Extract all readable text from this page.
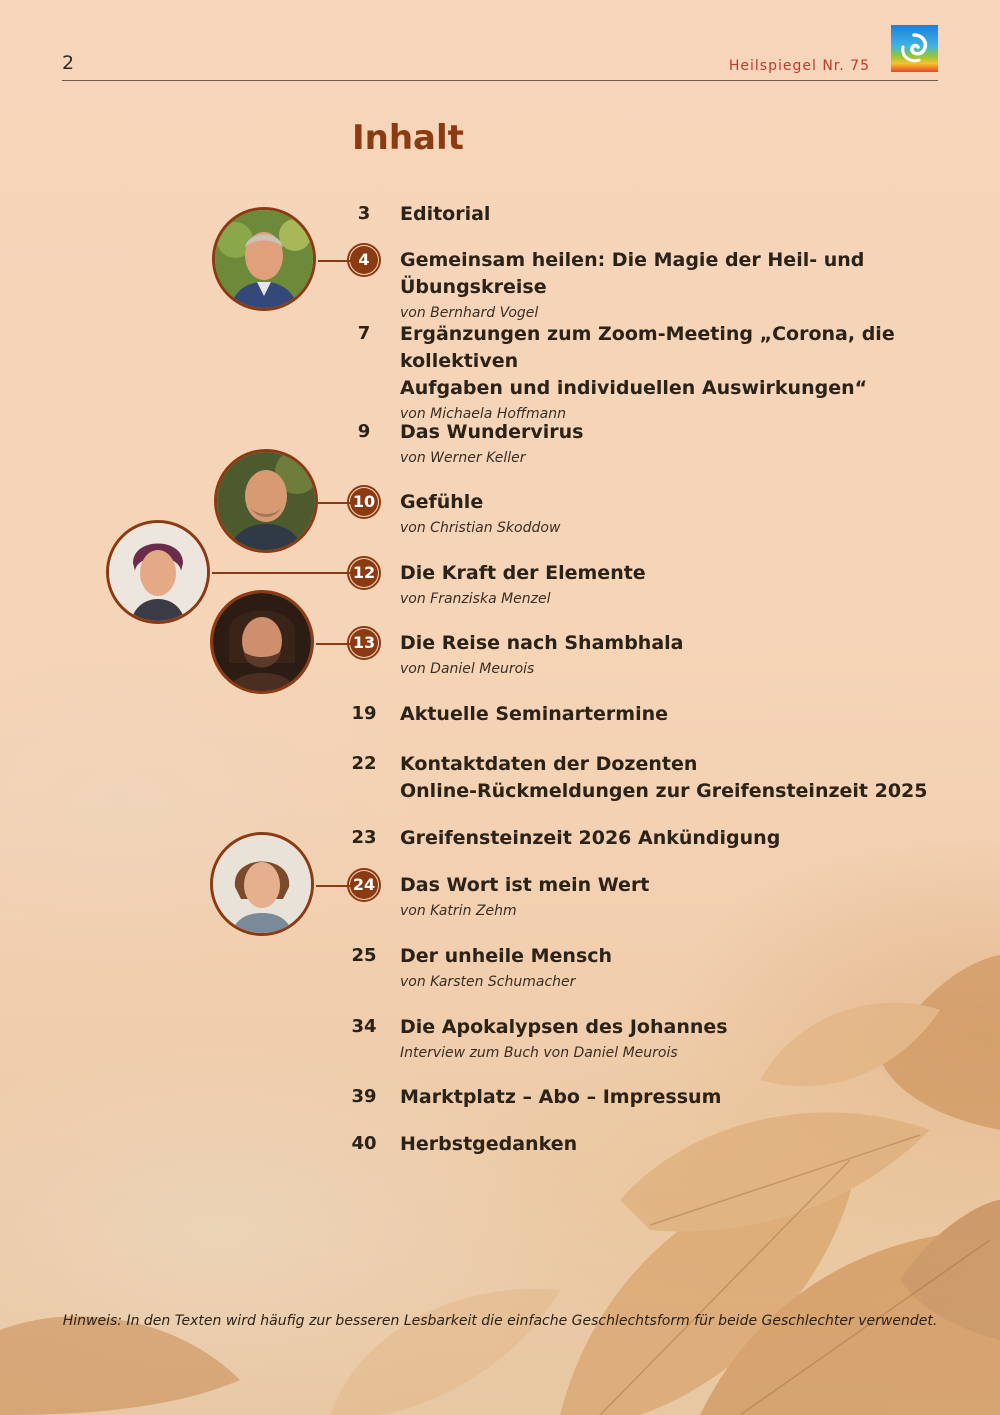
2	Heilspiegel Nr. 75
Inhalt
3	Editorial
4	Gemeinsam heilen: Die Magie der Heil- und Übungskreise
von Bernhard Vogel
7	Ergänzungen zum Zoom-Meeting „Corona, die kollektiven
Aufgaben und individuellen Auswirkungen“
von Michaela Hoffmann
9	Das Wundervirus
von Werner Keller
10 Gefühle
von Christian Skoddow
12 Die Kraft der Elemente
von Franziska Menzel
13 Die Reise nach Shambhala
von Daniel Meurois
19	Aktuelle Seminartermine
22	Kontaktdaten der Dozenten
Online-Rückmeldungen zur Greifensteinzeit 2025
23	Greifensteinzeit 2026 Ankündigung
24 Das Wort ist mein Wert
von Katrin Zehm
25	Der unheile Mensch
von Karsten Schumacher
34	Die Apokalypsen des Johannes
Interview zum Buch von Daniel Meurois
39	Marktplatz – Abo – Impressum
40	Herbstgedanken
Hinweis: In den Texten wird häufig zur besseren Lesbarkeit die einfache Geschlechtsform für beide Geschlechter verwendet.
